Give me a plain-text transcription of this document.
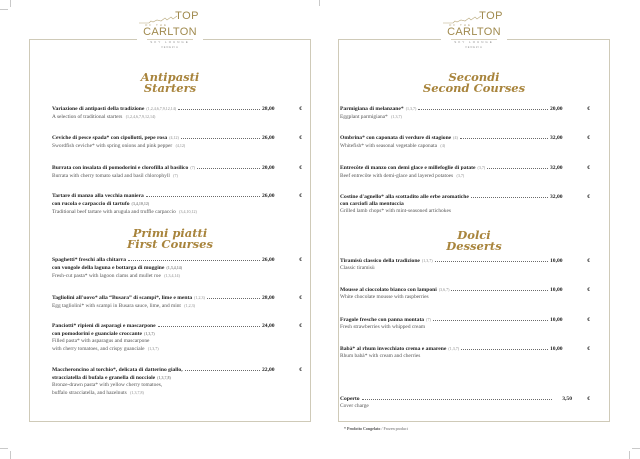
TOP
OF THE
CARLTON
SKY LOUNGE
VENEZIA
Antipasti
Starters
Variazione di antipasti della tradizione (1,2,4,6,7,9,12,14)	28,00	€
A selection of traditional starters (1,2,4,6,7,9,12,14)
Ceviche di pesce spada* con cipollotti, pepe rosa (4,12)	26,00	€
Swordfish ceviche* with spring onions and pink pepper (4,12)
Burrata con insalata di pomodorini e clorofilla al basilico (7)	20,00	€
Burrata with cherry tomato salad and basil chlorophyll (7)
Tartare di manzo alla vecchia maniera	26,00	€
con rucola e carpaccio di tartufo (3,4,10,12)
Traditional beef tartare with arugula and truffle carpaccio (3,4,10,12)
Primi piatti
First Courses
Spaghetti* freschi alla chitarra	26,00	€
con vongole della laguna e bottarga di muggine (1,3,4,14)
Fresh-cut pasta* with lagoon clams and mullet roe (1,3,4,14)
Tagliolini all'uovo* alla “Busara” di scampi*, lime e menta (1,2,3)	28,00	€
Egg tagliolini* with scampi in Busara sauce, lime, and mint (1,2,3)
Panciotti* ripieni di asparagi e mascarpone	24,00	€
con pomodorini e guanciale croccante (1,3,7)
Filled pasta* with asparagus and mascarpone
with cherry tomatoes, and crispy guanciale (1,3,7)
Maccheroncino al torchio*, delicata di datterino giallo,	22,00	€
stracciatella di bufala e granella di nocciole (1,3,7,8)
Bronze-drawn pasta* with yellow cherry tomatoes,
buffalo stracciatella, and hazelnuts (1,3,7,8)
TOP
OF THE
CARLTON
SKY LOUNGE
VENEZIA
Secondi
Second Courses
Parmigiana di melanzane* (1,3,7)	20,00	€
Eggplant parmigiana* (1,3,7)
Ombrina* con caponata di verdure di stagione (4)	32,00	€
Whitefish* with seasonal vegetable caponata (4)
Entrecôte di manzo con demi glace e millefoglie di patate (3,7)	32,00	€
Beef entrecôte with demi-glace and layered potatoes (3,7)
Costine d'agnello* alla scottadito alle erbe aromatiche	32,00	€
con carciofi alla mentuccia
Grilled lamb chops* with mint-seasoned artichokes
Dolci
Desserts
Tiramisù classico della tradizione (1,3,7)	10,00	€
Classic tiramisù
Mousse al cioccolato bianco con lamponi (3,6,7)	10,00	€
White chocolate mousse with raspberries
Fragole fresche con panna montata (7)	10,00	€
Fresh strawberries with whipped cream
Babà* al rhum invecchiato crema e amarene (1,3,7)	10,00	€
Rhum babà* with cream and cherries
Coperto	3,50	€
Cover charge
* Prodotto Congelato / Frozen product
